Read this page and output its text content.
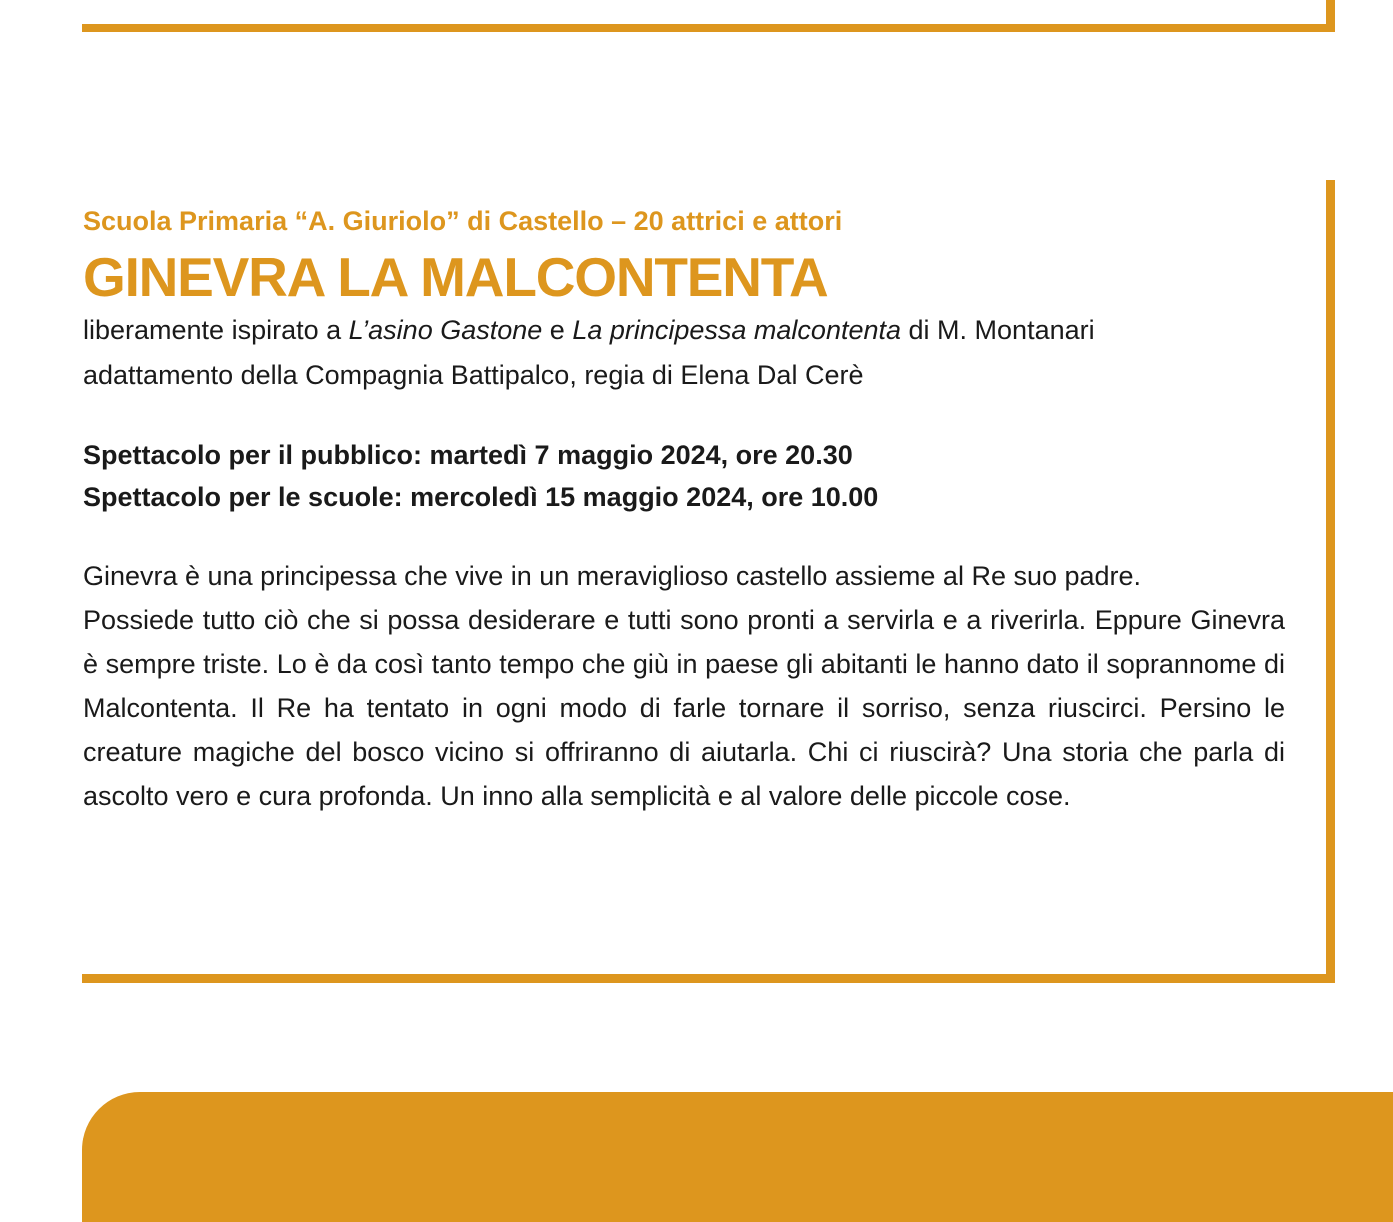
Scuola Primaria “A. Giuriolo” di Castello – 20 attrici e attori
GINEVRA LA MALCONTENTA

liberamente ispirato a L’asino Gastone e La principessa malcontenta di M. Montanari
adattamento della Compagnia Battipalco, regia di Elena Dal Cerè

Spettacolo per il pubblico: martedì 7 maggio 2024, ore 20.30
Spettacolo per le scuole: mercoledì 15 maggio 2024, ore 10.00

Ginevra è una principessa che vive in un meraviglioso castello assieme al Re suo padre.
Possiede tutto ciò che si possa desiderare e tutti sono pronti a servirla e a riverirla. Eppure Ginevra è sempre triste. Lo è da così tanto tempo che giù in paese gli abitanti le hanno dato il soprannome di Malcontenta. Il Re ha tentato in ogni modo di farle tornare il sorriso, senza riuscirci. Persino le creature magiche del bosco vicino si offriranno di aiutarla. Chi ci riuscirà? Una storia che parla di ascolto vero e cura profonda. Un inno alla semplicità e al valore delle piccole cose.
